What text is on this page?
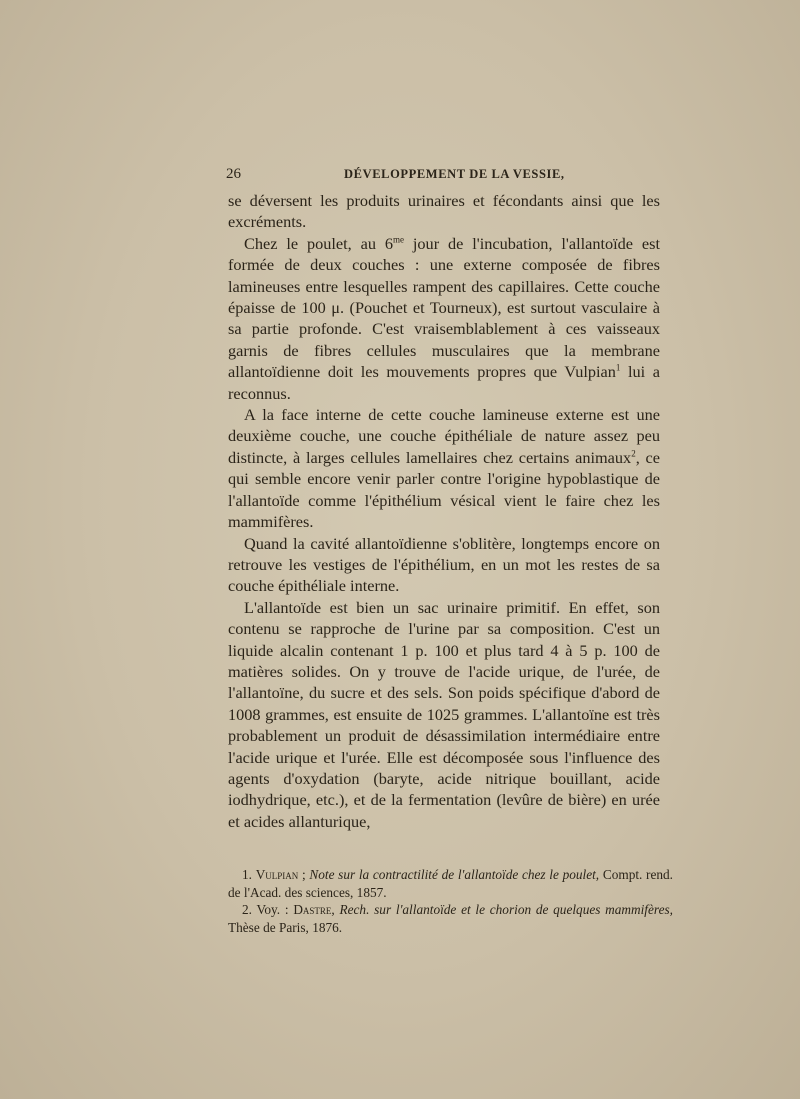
26	DÉVELOPPEMENT DE LA VESSIE,

se déversent les produits urinaires et fécondants ainsi que les excréments.

Chez le poulet, au $6^{me}$ jour de l'incubation, l'allantoïde est formée de deux couches : une externe composée de fibres lamineuses entre lesquelles rampent des capillaires. Cette couche épaisse de 100 μ. (Pouchet et Tourneux), est surtout vasculaire à sa partie profonde. C'est vraisemblablement à ces vaisseaux garnis de fibres cellules musculaires que la membrane allantoïdienne doit les mouvements propres que Vulpian$^1$ lui a reconnus.

A la face interne de cette couche lamineuse externe est une deuxième couche, une couche épithéliale de nature assez peu distincte, à larges cellules lamellaires chez certains animaux$^2$, ce qui semble encore venir parler contre l'origine hypoblastique de l'allantoïde comme l'épithélium vésical vient le faire chez les mammifères.

Quand la cavité allantoïdienne s'oblitère, longtemps encore on retrouve les vestiges de l'épithélium, en un mot les restes de sa couche épithéliale interne.

L'allantoïde est bien un sac urinaire primitif. En effet, son contenu se rapproche de l'urine par sa composition. C'est un liquide alcalin contenant 1 p. 100 et plus tard 4 à 5 p. 100 de matières solides. On y trouve de l'acide urique, de l'urée, de l'allantoïne, du sucre et des sels. Son poids spécifique d'abord de 1008 grammes, est ensuite de 1025 grammes. L'allantoïne est très probablement un produit de désassimilation intermédiaire entre l'acide urique et l'urée. Elle est décomposée sous l'influence des agents d'oxydation (baryte, acide nitrique bouillant, acide iodhydrique, etc.), et de la fermentation (levûre de bière) en urée et acides allanturique,

1. Vulpian ; Note sur la contractilité de l'allantoïde chez le poulet, Compt. rend. de l'Acad. des sciences, 1857.

2. Voy. : Dastre, Rech. sur l'allantoïde et le chorion de quelques mammifères, Thèse de Paris, 1876.
